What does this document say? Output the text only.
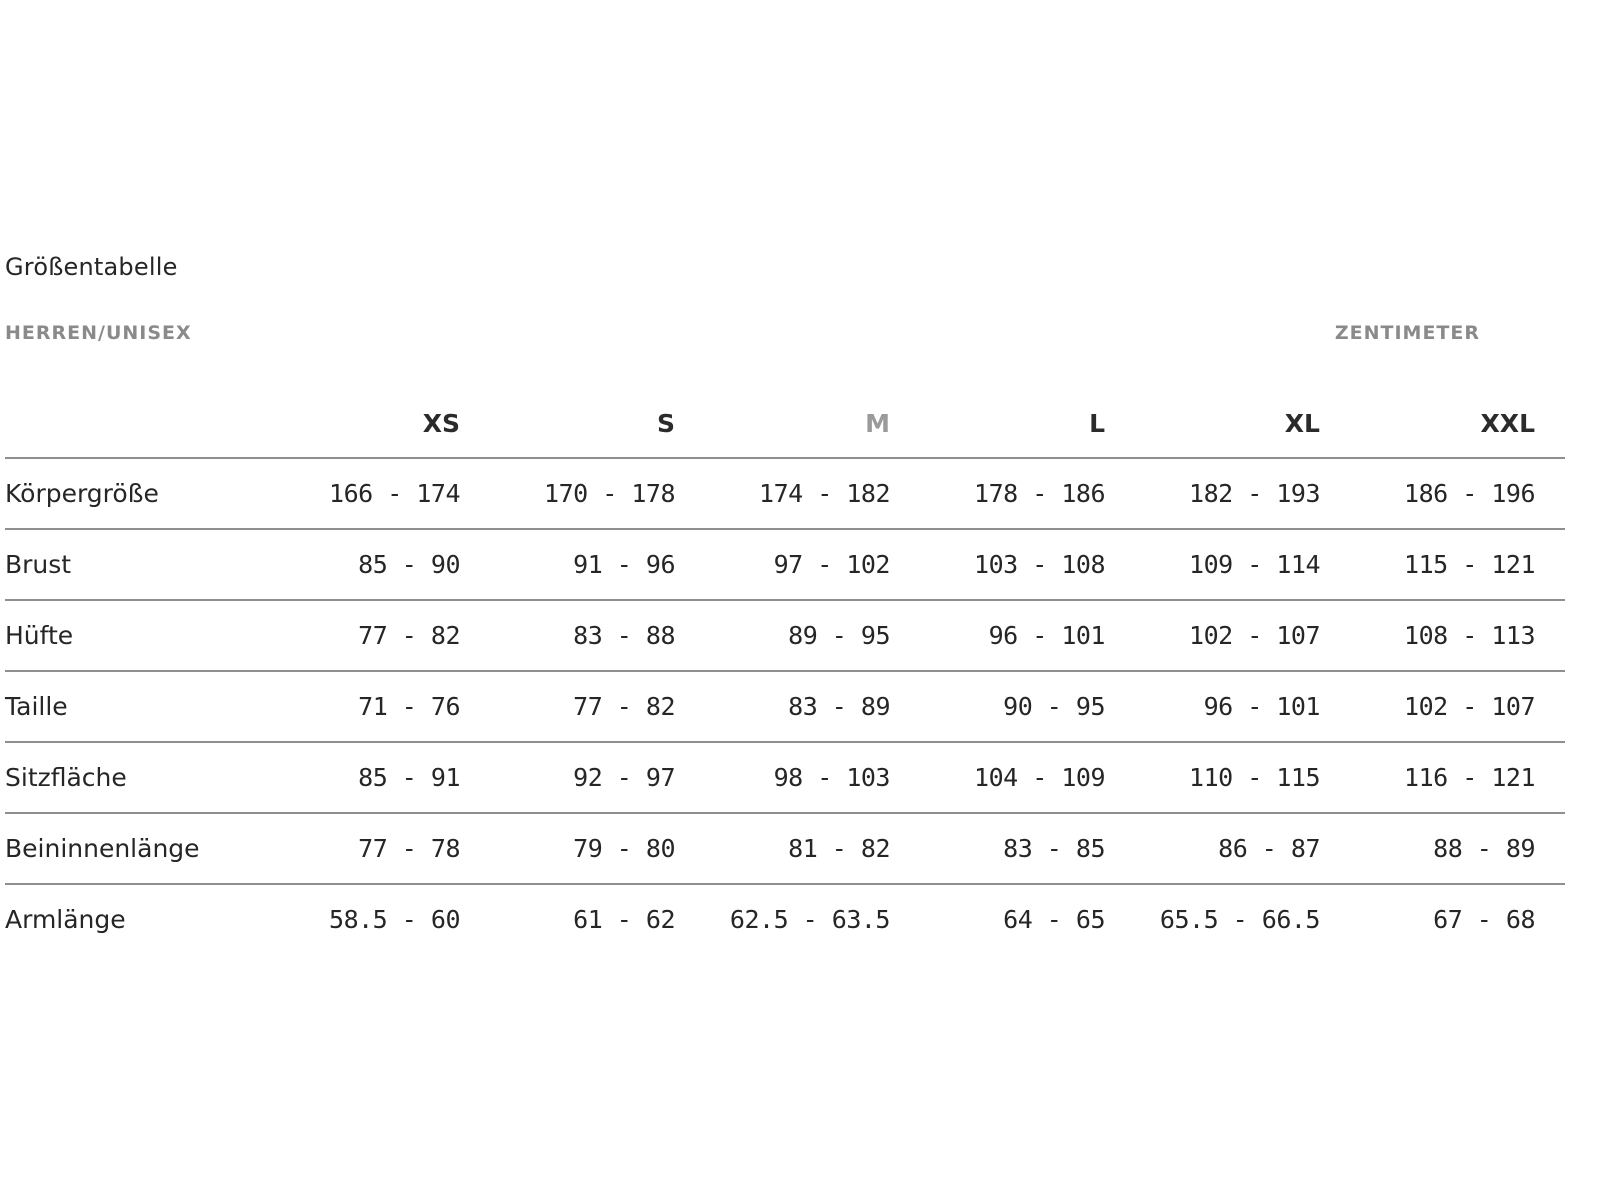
Größentabelle
HERREN/UNISEX	ZENTIMETER
	XS	S	M	L	XL	XXL
Körpergröße	166 - 174	170 - 178	174 - 182	178 - 186	182 - 193	186 - 196
Brust	85 - 90	91 - 96	97 - 102	103 - 108	109 - 114	115 - 121
Hüfte	77 - 82	83 - 88	89 - 95	96 - 101	102 - 107	108 - 113
Taille	71 - 76	77 - 82	83 - 89	90 - 95	96 - 101	102 - 107
Sitzfläche	85 - 91	92 - 97	98 - 103	104 - 109	110 - 115	116 - 121
Beininnenlänge	77 - 78	79 - 80	81 - 82	83 - 85	86 - 87	88 - 89
Armlänge	58.5 - 60	61 - 62	62.5 - 63.5	64 - 65	65.5 - 66.5	67 - 68
